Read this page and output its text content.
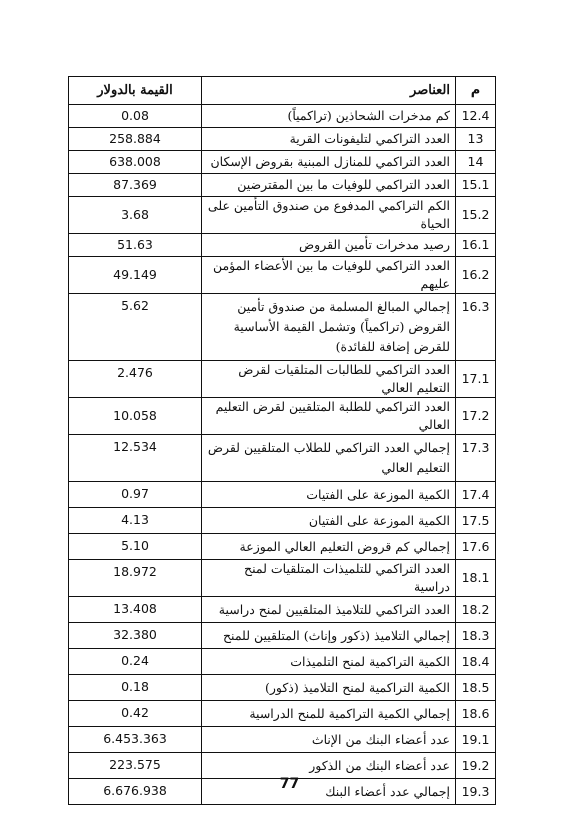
م	العناصر	القيمة بالدولار
12.4	كم مدخرات الشحاذين (تراكمياً)	0.08
13	العدد التراكمي لتليفونات القرية	258.884
14	العدد التراكمي للمنازل المبنية بقروض الإسكان	638.008
15.1	العدد التراكمي للوفيات ما بين المقترضين	87.369
15.2	الكم التراكمي المدفوع من صندوق التأمين على الحياة	3.68
16.1	رصيد مدخرات تأمين القروض	51.63
16.2	العدد التراكمي للوفيات ما بين الأعضاء المؤمن عليهم	49.149
16.3	إجمالي المبالغ المسلمة من صندوق تأمين القروض (تراكمياً) وتشمل القيمة الأساسية للقرض إضافة للفائدة)	5.62
17.1	العدد التراكمي للطالبات المتلقيات لقرض التعليم العالي	2.476
17.2	العدد التراكمي للطلبة المتلقيين لقرض التعليم العالي	10.058
17.3	إجمالي العدد التراكمي للطلاب المتلقيين لقرض التعليم العالي	12.534
17.4	الكمية الموزعة على الفتيات	0.97
17.5	الكمية الموزعة على الفتيان	4.13
17.6	إجمالي كم قروض التعليم العالي الموزعة	5.10
18.1	العدد التراكمي للتلميذات المتلقيات لمنح دراسية	18.972
18.2	العدد التراكمي للتلاميذ المتلقيين لمنح دراسية	13.408
18.3	إجمالي التلاميذ (ذكور وإناث) المتلقيين للمنح	32.380
18.4	الكمية التراكمية لمنح التلميذات	0.24
18.5	الكمية التراكمية لمنح التلاميذ (ذكور)	0.18
18.6	إجمالي الكمية التراكمية للمنح الدراسية	0.42
19.1	عدد أعضاء البنك من الإناث	6.453.363
19.2	عدد أعضاء البنك من الذكور	223.575
19.3	إجمالي عدد أعضاء البنك	6.676.938	77
